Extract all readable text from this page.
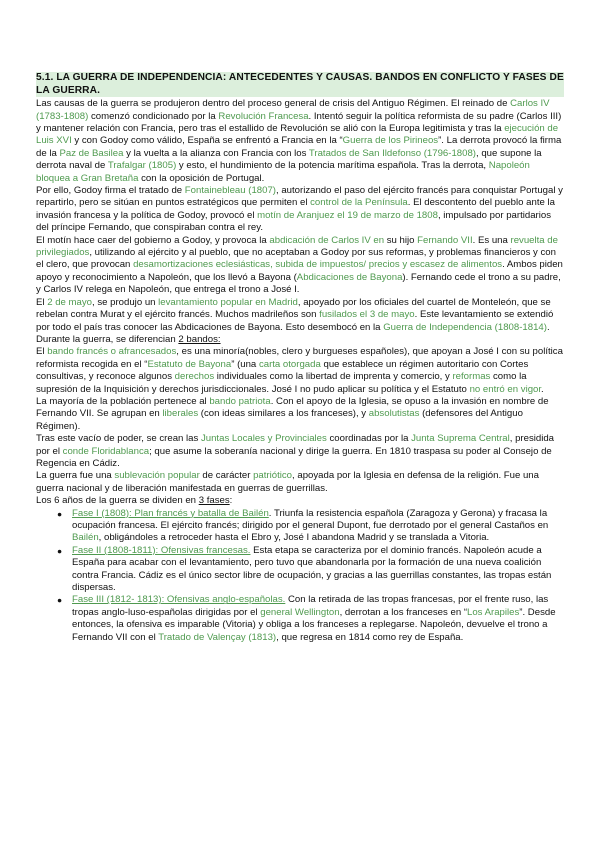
5.1. LA GUERRA DE INDEPENDENCIA: ANTECEDENTES Y CAUSAS. BANDOS EN CONFLICTO Y FASES DE LA GUERRA.

Las causas de la guerra se produjeron dentro del proceso general de crisis del Antiguo Régimen. El reinado de Carlos IV (1783-1808) comenzó condicionado por la Revolución Francesa. Intentó seguir la política reformista de su padre (Carlos III) y mantener relación con Francia, pero tras el estallido de Revolución se alió con la Europa legitimista y tras la ejecución de Luis XVI y con Godoy como válido, España se enfrentó a Francia en la “Guerra de los Pirineos”. La derrota provocó la firma de la Paz de Basilea y la vuelta a la alianza con Francia con los Tratados de San Ildefonso (1796-1808), que supone la derrota naval de Trafalgar (1805) y esto, el hundimiento de la potencia marítima española. Tras la derrota, Napoleón bloquea a Gran Bretaña con la oposición de Portugal.

Por ello, Godoy firma el tratado de Fontainebleau (1807), autorizando el paso del ejército francés para conquistar Portugal y repartirlo, pero se sitúan en puntos estratégicos que permiten el control de la Península. El descontento del pueblo ante la invasión francesa y la política de Godoy, provocó el motín de Aranjuez el 19 de marzo de 1808, impulsado por partidarios del príncipe Fernando, que conspiraban contra el rey.

El motín hace caer del gobierno a Godoy, y provoca la abdicación de Carlos IV en su hijo Fernando VII. Es una revuelta de privilegiados, utilizando al ejército y al pueblo, que no aceptaban a Godoy por sus reformas, y problemas financieros y con el clero, que provocan desamortizaciones eclesiásticas, subida de impuestos/ precios y escasez de alimentos. Ambos piden apoyo y reconocimiento a Napoleón, que los llevó a Bayona (Abdicaciones de Bayona). Fernando cede el trono a su padre, y Carlos IV relega en Napoleón, que entrega el trono a José I.

El 2 de mayo, se produjo un levantamiento popular en Madrid, apoyado por los oficiales del cuartel de Monteleón, que se rebelan contra Murat y el ejército francés. Muchos madrileños son fusilados el 3 de mayo. Este levantamiento se extendió por todo el país tras conocer las Abdicaciones de Bayona. Esto desembocó en la Guerra de Independencia (1808-1814).

Durante la guerra, se diferencian 2 bandos:

El bando francés o afrancesados, es una minoría(nobles, clero y burgueses españoles), que apoyan a José I con su política reformista recogida en el “Estatuto de Bayona” (una carta otorgada que establece un régimen autoritario con Cortes consultivas, y reconoce algunos derechos individuales como la libertad de imprenta y comercio, y reformas como la supresión de la Inquisición y derechos jurisdiccionales. José I no pudo aplicar su política y el Estatuto no entró en vigor.

La mayoría de la población pertenece al bando patriota. Con el apoyo de la Iglesia, se opuso a la invasión en nombre de Fernando VII. Se agrupan en liberales (con ideas similares a los franceses), y absolutistas (defensores del Antiguo Régimen).

Tras este vacío de poder, se crean las Juntas Locales y Provinciales coordinadas por la Junta Suprema Central, presidida por el conde Floridablanca; que asume la soberanía nacional y dirige la guerra. En 1810 traspasa su poder al Consejo de Regencia en Cádiz.

La guerra fue una sublevación popular de carácter patriótico, apoyada por la Iglesia en defensa de la religión. Fue una guerra nacional y de liberación manifestada en guerras de guerrillas.

Los 6 años de la guerra se dividen en 3 fases:

● Fase I (1808): Plan francés y batalla de Bailén. Triunfa la resistencia española (Zaragoza y Gerona) y fracasa la ocupación francesa. El ejército francés; dirigido por el general Dupont, fue derrotado por el general Castaños en Bailén, obligándoles a retroceder hasta el Ebro y, José I abandona Madrid y se translada a Vitoria.
● Fase II (1808-1811): Ofensivas francesas. Esta etapa se caracteriza por el dominio francés. Napoleón acude a España para acabar con el levantamiento, pero tuvo que abandonarla por la formación de una nueva coalición contra Francia. Cádiz es el único sector libre de ocupación, y gracias a las guerrillas constantes, las tropas están dispersas.
● Fase III (1812- 1813): Ofensivas anglo-españolas. Con la retirada de las tropas francesas, por el frente ruso, las tropas anglo-luso-españolas dirigidas por el general Wellington, derrotan a los franceses en “Los Arapiles”. Desde entonces, la ofensiva es imparable (Vitoria) y obliga a los franceses a replegarse. Napoleón, devuelve el trono a Fernando VII con el Tratado de Valençay (1813), que regresa en 1814 como rey de España.
